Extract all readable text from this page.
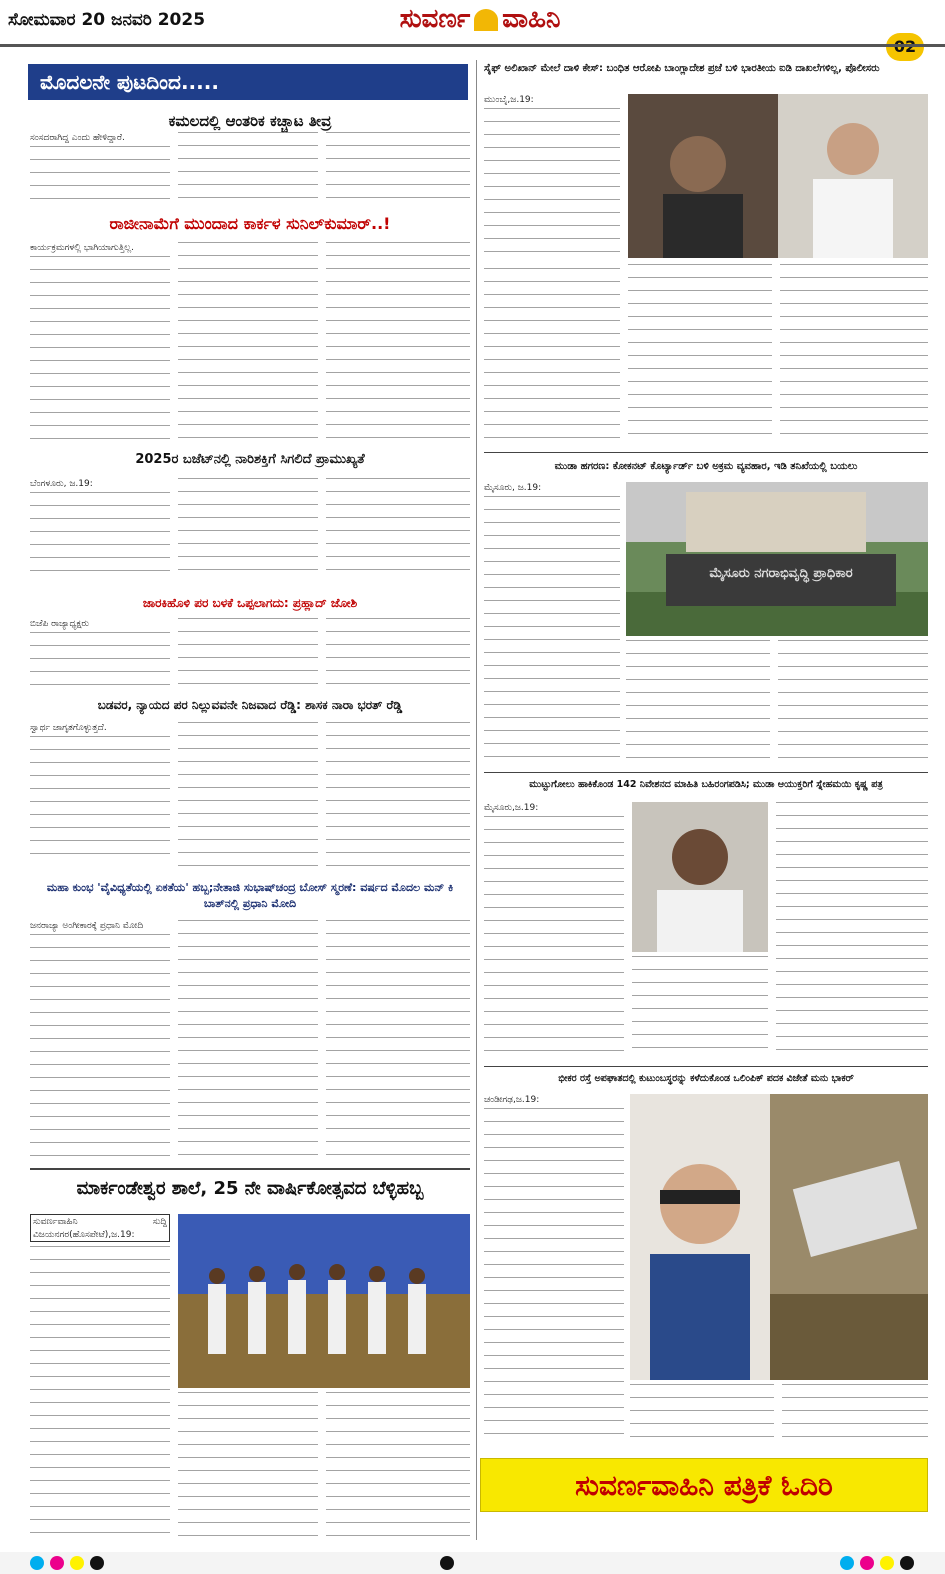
ಸೋಮವಾರ 20 ಜನವರಿ 2025	ಸುವರ್ಣ ವಾಹಿನಿ
ಮೊದಲನೇ ಪುಟದಿಂದ.....
ಕಮಲದಲ್ಲಿ ಆಂತರಿಕ ಕಚ್ಚಾಟ ತೀವ್ರ
ಸಂಸದರಾಗಿದ್ದ ಎಂದು ಹೇಳಿದ್ದಾರೆ.
ರಾಜೀನಾಮೆಗೆ ಮುಂದಾದ ಕಾರ್ಕಳ ಸುನಿಲ್‌ಕುಮಾರ್‌..!
ಕಾರ್ಯಕ್ರಮಗಳಲ್ಲಿ ಭಾಗಿಯಾಗುತ್ತಿಲ್ಲ.
2025ರ ಬಜೆಟ್‌ನಲ್ಲಿ ನಾರಿಶಕ್ತಿಗೆ ಸಿಗಲಿದೆ ಪ್ರಾಮುಖ್ಯತೆ
ಬೆಂಗಳೂರು, ಜ.19:
ಜಾರಕಿಹೊಳಿ ಪರ ಬಳಕೆ ಒಪ್ಪಲಾಗದು: ಪ್ರಹ್ಲಾದ್ ಜೋಶಿ
ಬಿಜೆಪಿ ರಾಜ್ಯಾಧ್ಯಕ್ಷರು
ಬಡವರ, ನ್ಯಾಯದ ಪರ ನಿಲ್ಲುವವನೇ ನಿಜವಾದ ರೆಡ್ಡಿ: ಶಾಸಕ ನಾರಾ ಭರತ್ ರೆಡ್ಡಿ
ಸ್ವಾರ್ಥ ಜಾಗೃತಗೊಳ್ಳುತ್ತದೆ.
ಮಹಾ ಕುಂಭ 'ವೈವಿಧ್ಯತೆಯಲ್ಲಿ ಏಕತೆಯ' ಹಬ್ಬ;ನೇತಾಜಿ ಸುಭಾಷ್‌ಚಂದ್ರ ಬೋಸ್ ಸ್ಮರಣೆ: ವರ್ಷದ ಮೊದಲ ಮನ್ ಕಿ ಬಾತ್‌ನಲ್ಲಿ ಪ್ರಧಾನಿ ಮೋದಿ
ಜನರಾಜ್ಯಾ ಅಂಗೀಕಾರಕ್ಕೆ ಪ್ರಧಾನಿ ಮೋದಿ
ಮಾರ್ಕಂಡೇಶ್ವರ ಶಾಲೆ, 25 ನೇ ವಾರ್ಷಿಕೋತ್ಸವದ ಬೆಳ್ಳಿಹಬ್ಬ
ಸುವರ್ಣವಾಹಿನಿ ಸುದ್ದಿ ವಿಜಯನಗರ(ಹೊಸಪೇಟೆ),ಜ.19:
ಸೈಫ್ ಅಲಿಖಾನ್ ಮೇಲೆ ದಾಳಿ ಕೇಸ್: ಬಂಧಿತ ಆರೋಪಿ ಬಾಂಗ್ಲಾದೇಶ ಪ್ರಜೆ ಬಳಿ ಭಾರತೀಯ ಐಡಿ ದಾಖಲೆಗಳಿಲ್ಲ, ಪೊಲೀಸರು
ಮುಂಬೈ,ಜ.19:
ಮುಡಾ ಹಗರಣ: ಕೋಕನಟ್ ಕೊರ್ಟ್ಯಾರ್ಡ್ ಬಳಿ ಅಕ್ರಮ ವ್ಯವಹಾರ, ಇಡಿ ತನಿಖೆಯಲ್ಲಿ ಬಯಲು
ಮೈಸೂರು, ಜ.19:
ಮೈಸೂರು ನಗರಾಭಿವೃದ್ಧಿ ಪ್ರಾಧಿಕಾರ
ಮುಟ್ಟುಗೋಲು ಹಾಕಿಕೊಂಡ 142 ನಿವೇಶನದ ಮಾಹಿತಿ ಬಹಿರಂಗಪಡಿಸಿ; ಮುಡಾ ಆಯುಕ್ತರಿಗೆ ಸ್ನೇಹಮಯಿ ಕೃಷ್ಣ ಪತ್ರ
ಮೈಸೂರು,ಜ.19:
ಭೀಕರ ರಸ್ತೆ ಅಪಘಾತದಲ್ಲಿ ಕುಟುಂಬಸ್ಥರನ್ನು ಕಳೆದುಕೊಂಡ ಒಲಿಂಪಿಕ್ ಪದಕ ವಿಜೇತೆ ಮನು ಭಾಕರ್
ಚಂಡೀಗಢ,ಜ.19:
ಸುವರ್ಣವಾಹಿನಿ ಪತ್ರಿಕೆ ಓದಿರಿ
